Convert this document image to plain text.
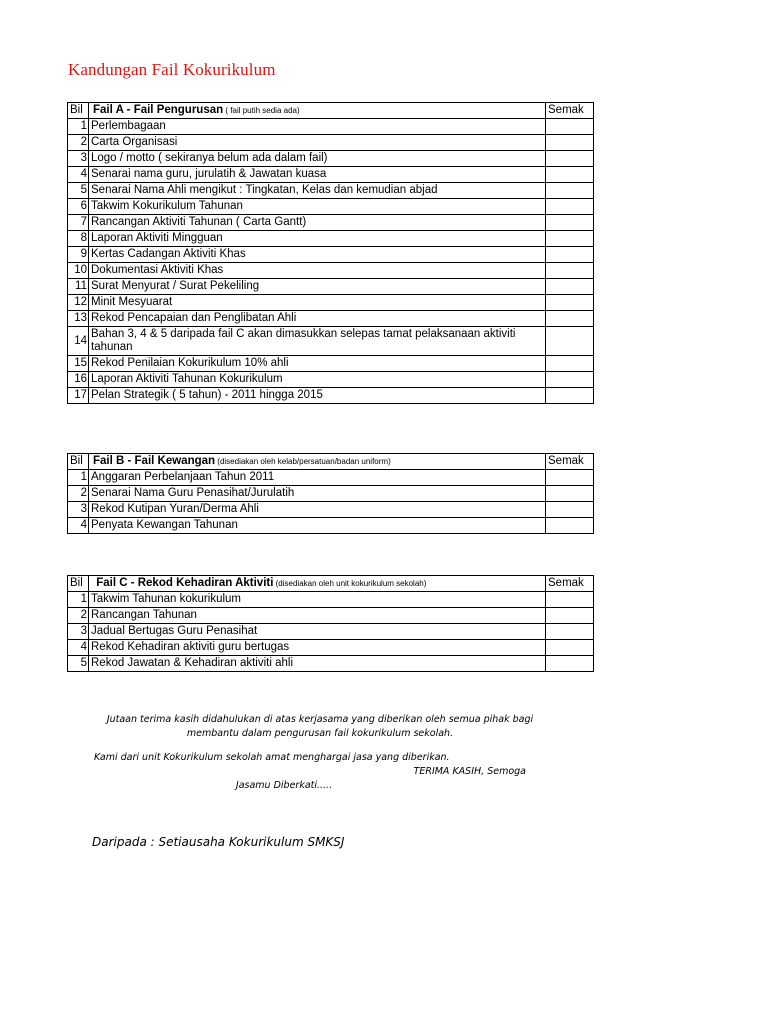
Kandungan Fail Kokurikulum
Bil	Fail A - Fail Pengurusan ( fail putih sedia ada)	Semak
1	Perlembagaan	
2	Carta Organisasi	
3	Logo / motto ( sekiranya belum ada dalam fail)	
4	Senarai nama guru, jurulatih & Jawatan kuasa	
5	Senarai Nama Ahli mengikut : Tingkatan, Kelas dan kemudian abjad	
6	Takwim Kokurikulum Tahunan	
7	Rancangan Aktiviti Tahunan ( Carta Gantt)	
8	Laporan Aktiviti Mingguan	
9	Kertas Cadangan Aktiviti Khas	
10	Dokumentasi Aktiviti Khas	
11	Surat Menyurat / Surat Pekeliling	
12	Minit Mesyuarat	
13	Rekod Pencapaian dan Penglibatan Ahli	
14	Bahan 3, 4 & 5 daripada fail C akan dimasukkan selepas tamat pelaksanaan aktiviti tahunan	
15	Rekod Penilaian Kokurikulum 10% ahli	
16	Laporan Aktiviti Tahunan Kokurikulum	
17	Pelan Strategik ( 5 tahun) - 2011 hingga 2015	
Bil	Fail B - Fail Kewangan (disediakan oleh kelab/persatuan/badan uniform)	Semak
1	Anggaran Perbelanjaan Tahun 2011	
2	Senarai Nama Guru Penasihat/Jurulatih	
3	Rekod Kutipan Yuran/Derma Ahli	
4	Penyata Kewangan Tahunan	
Bil	Fail C - Rekod Kehadiran Aktiviti (disediakan oleh unit kokurikulum sekolah)	Semak
1	Takwim Tahunan kokurikulum	
2	Rancangan Tahunan	
3	Jadual Bertugas Guru Penasihat	
4	Rekod Kehadiran aktiviti guru bertugas	
5	Rekod Jawatan & Kehadiran aktiviti ahli	
Jutaan terima kasih didahulukan di atas kerjasama yang diberikan oleh semua pihak bagi
membantu dalam pengurusan fail kokurikulum sekolah.
Kami dari unit Kokurikulum sekolah amat menghargai jasa yang diberikan.
TERIMA KASIH, Semoga
Jasamu Diberkati.....

Daripada : Setiausaha Kokurikulum SMKSJ
